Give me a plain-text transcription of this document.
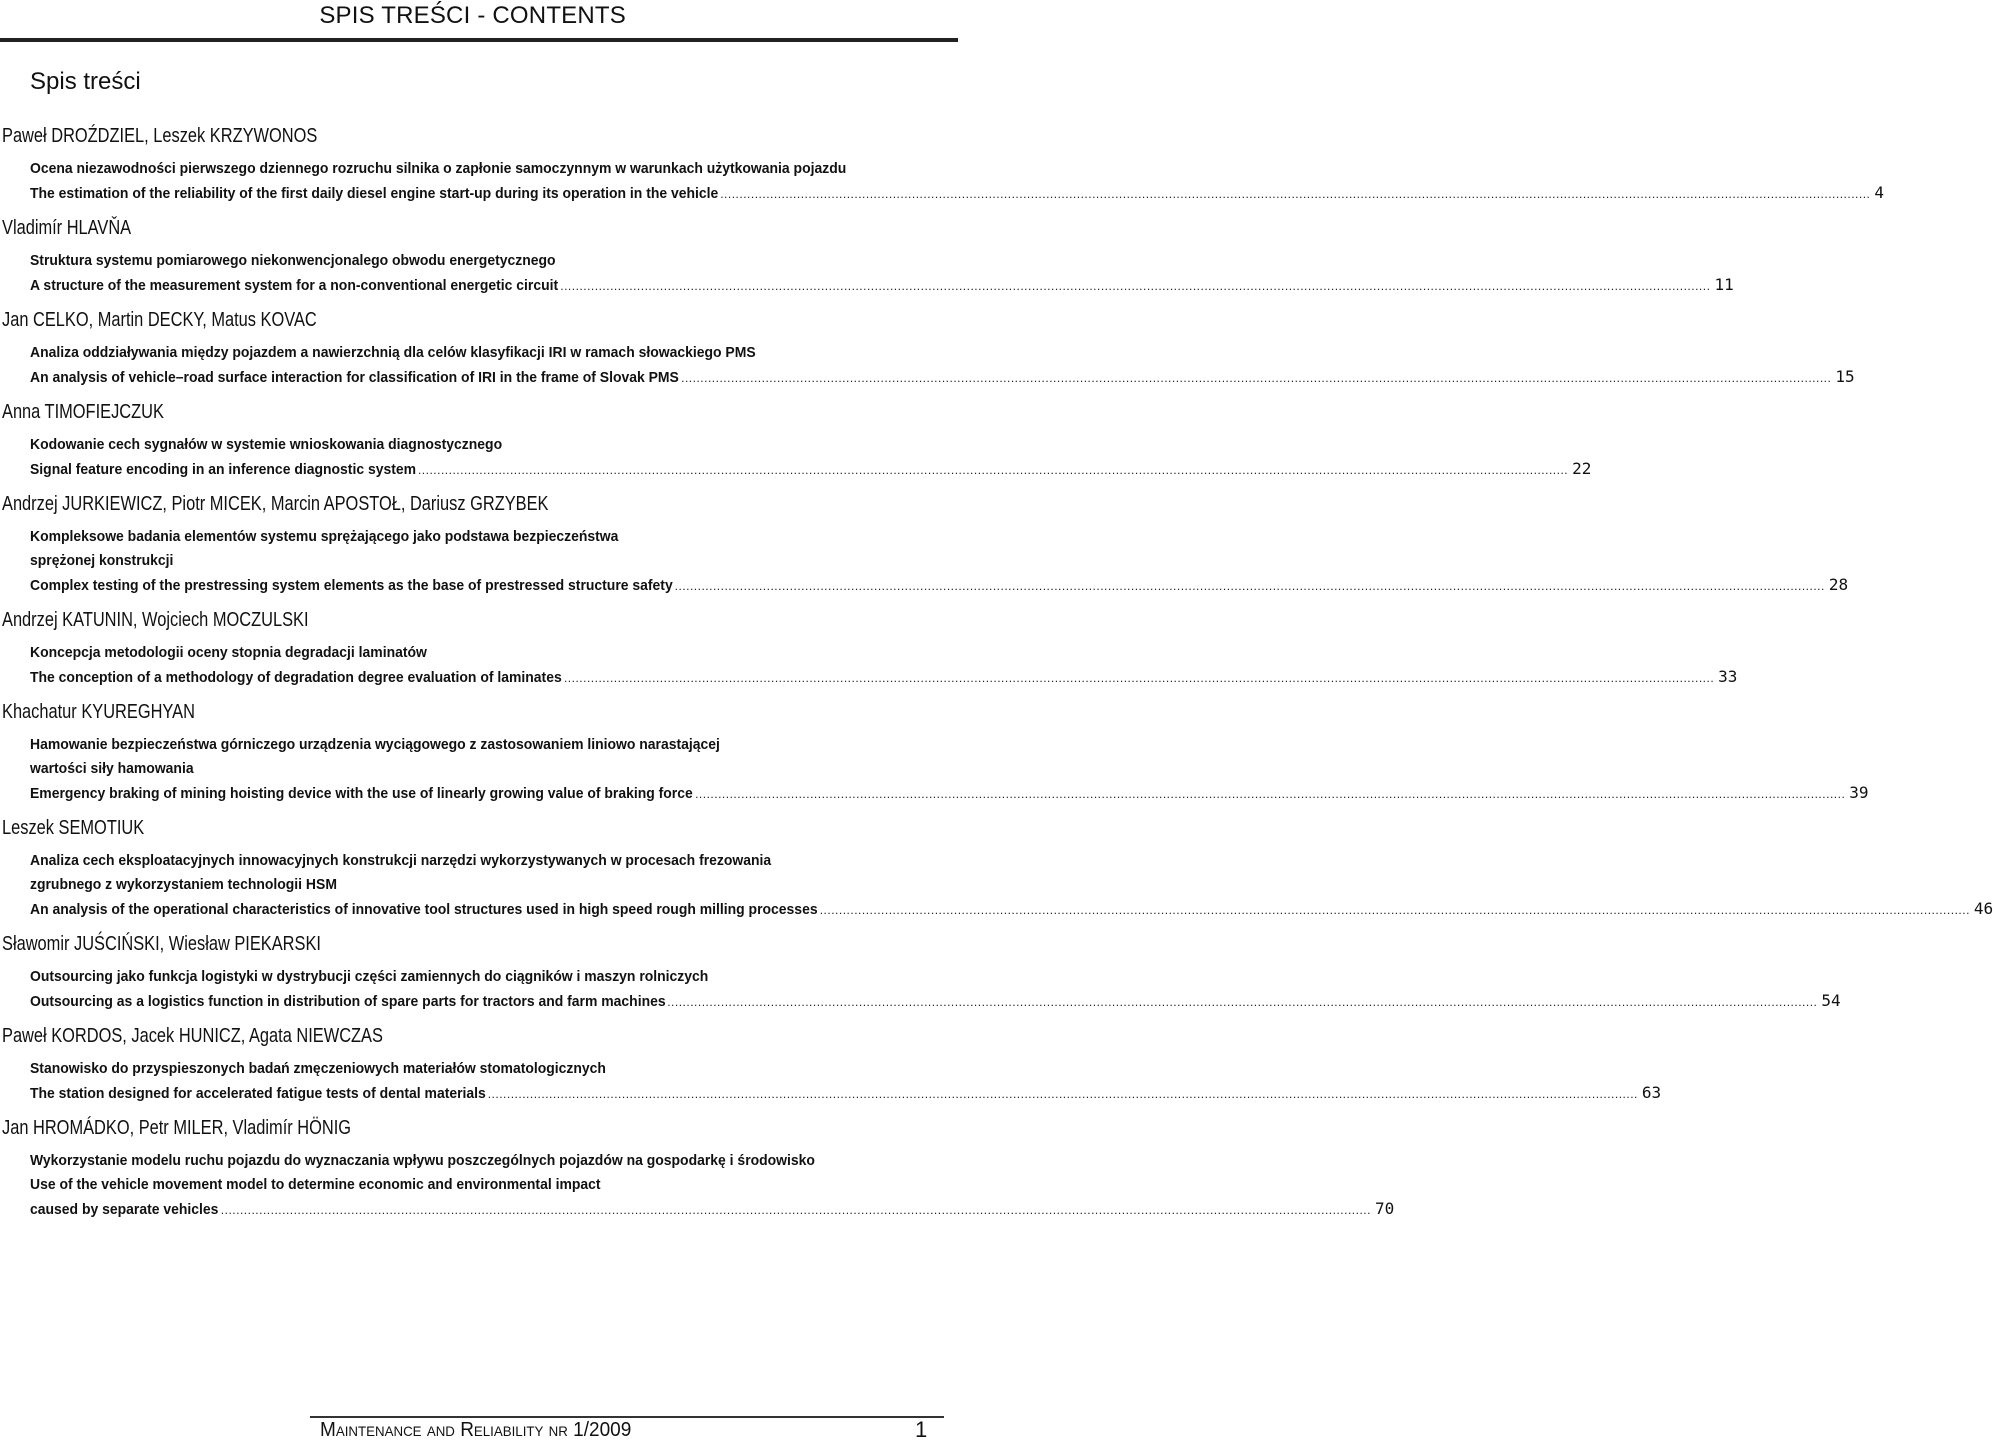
SPIS TREŚCI - CONTENTS
Spis treści
Paweł DROŹDZIEL, Leszek KRZYWONOS
Ocena niezawodności pierwszego dziennego rozruchu silnika o zapłonie samoczynnym w warunkach użytkowania pojazdu
The estimation of the reliability of the first daily diesel engine start-up during its operation in the vehicle ............................................................................................................................................................................................................................................................................................................ 4
Vladimír HLAVŇA
Struktura systemu pomiarowego niekonwencjonalego obwodu energetycznego
A structure of the measurement system for a non-conventional energetic circuit ............................................................................................................................................................................................................................................................................................................ 11
Jan CELKO, Martin DECKY, Matus KOVAC
Analiza oddziaływania między pojazdem a nawierzchnią dla celów klasyfikacji IRI w ramach słowackiego PMS
An analysis of vehicle–road surface interaction for classification of IRI in the frame of Slovak PMS ............................................................................................................................................................................................................................................................................................................ 15
Anna TIMOFIEJCZUK
Kodowanie cech sygnałów w systemie wnioskowania diagnostycznego
Signal feature encoding in an inference diagnostic system ............................................................................................................................................................................................................................................................................................................ 22
Andrzej JURKIEWICZ, Piotr MICEK, Marcin APOSTOŁ, Dariusz GRZYBEK
Kompleksowe badania elementów systemu sprężającego jako podstawa bezpieczeństwa
sprężonej konstrukcji
Complex testing of the prestressing system elements as the base of prestressed structure safety ............................................................................................................................................................................................................................................................................................................ 28
Andrzej KATUNIN, Wojciech MOCZULSKI
Koncepcja metodologii oceny stopnia degradacji laminatów
The conception of a methodology of degradation degree evaluation of laminates ............................................................................................................................................................................................................................................................................................................ 33
Khachatur KYUREGHYAN
Hamowanie bezpieczeństwa górniczego urządzenia wyciągowego z zastosowaniem liniowo narastającej
wartości siły hamowania
Emergency braking of mining hoisting device with the use of linearly growing value of braking force ............................................................................................................................................................................................................................................................................................................ 39
Leszek SEMOTIUK
Analiza cech eksploatacyjnych innowacyjnych konstrukcji narzędzi wykorzystywanych w procesach frezowania
zgrubnego z wykorzystaniem technologii HSM
An analysis of the operational characteristics of innovative tool structures used in high speed rough milling processes ............................................................................................................................................................................................................................................................................................................ 46
Sławomir JUŚCIŃSKI, Wiesław PIEKARSKI
Outsourcing jako funkcja logistyki w dystrybucji części zamiennych do ciągników i maszyn rolniczych
Outsourcing as a logistics function in distribution of spare parts for tractors and farm machines ............................................................................................................................................................................................................................................................................................................ 54
Paweł KORDOS, Jacek HUNICZ, Agata NIEWCZAS
Stanowisko do przyspieszonych badań zmęczeniowych materiałów stomatologicznych
The station designed for accelerated fatigue tests of dental materials ............................................................................................................................................................................................................................................................................................................ 63
Jan HROMÁDKO, Petr MILER, Vladimír HÖNIG
Wykorzystanie modelu ruchu pojazdu do wyznaczania wpływu poszczególnych pojazdów na gospodarkę i środowisko
Use of the vehicle movement model to determine economic and environmental impact
caused by separate vehicles ............................................................................................................................................................................................................................................................................................................ 70
Maintenance and Reliability nr 1/2009	1
